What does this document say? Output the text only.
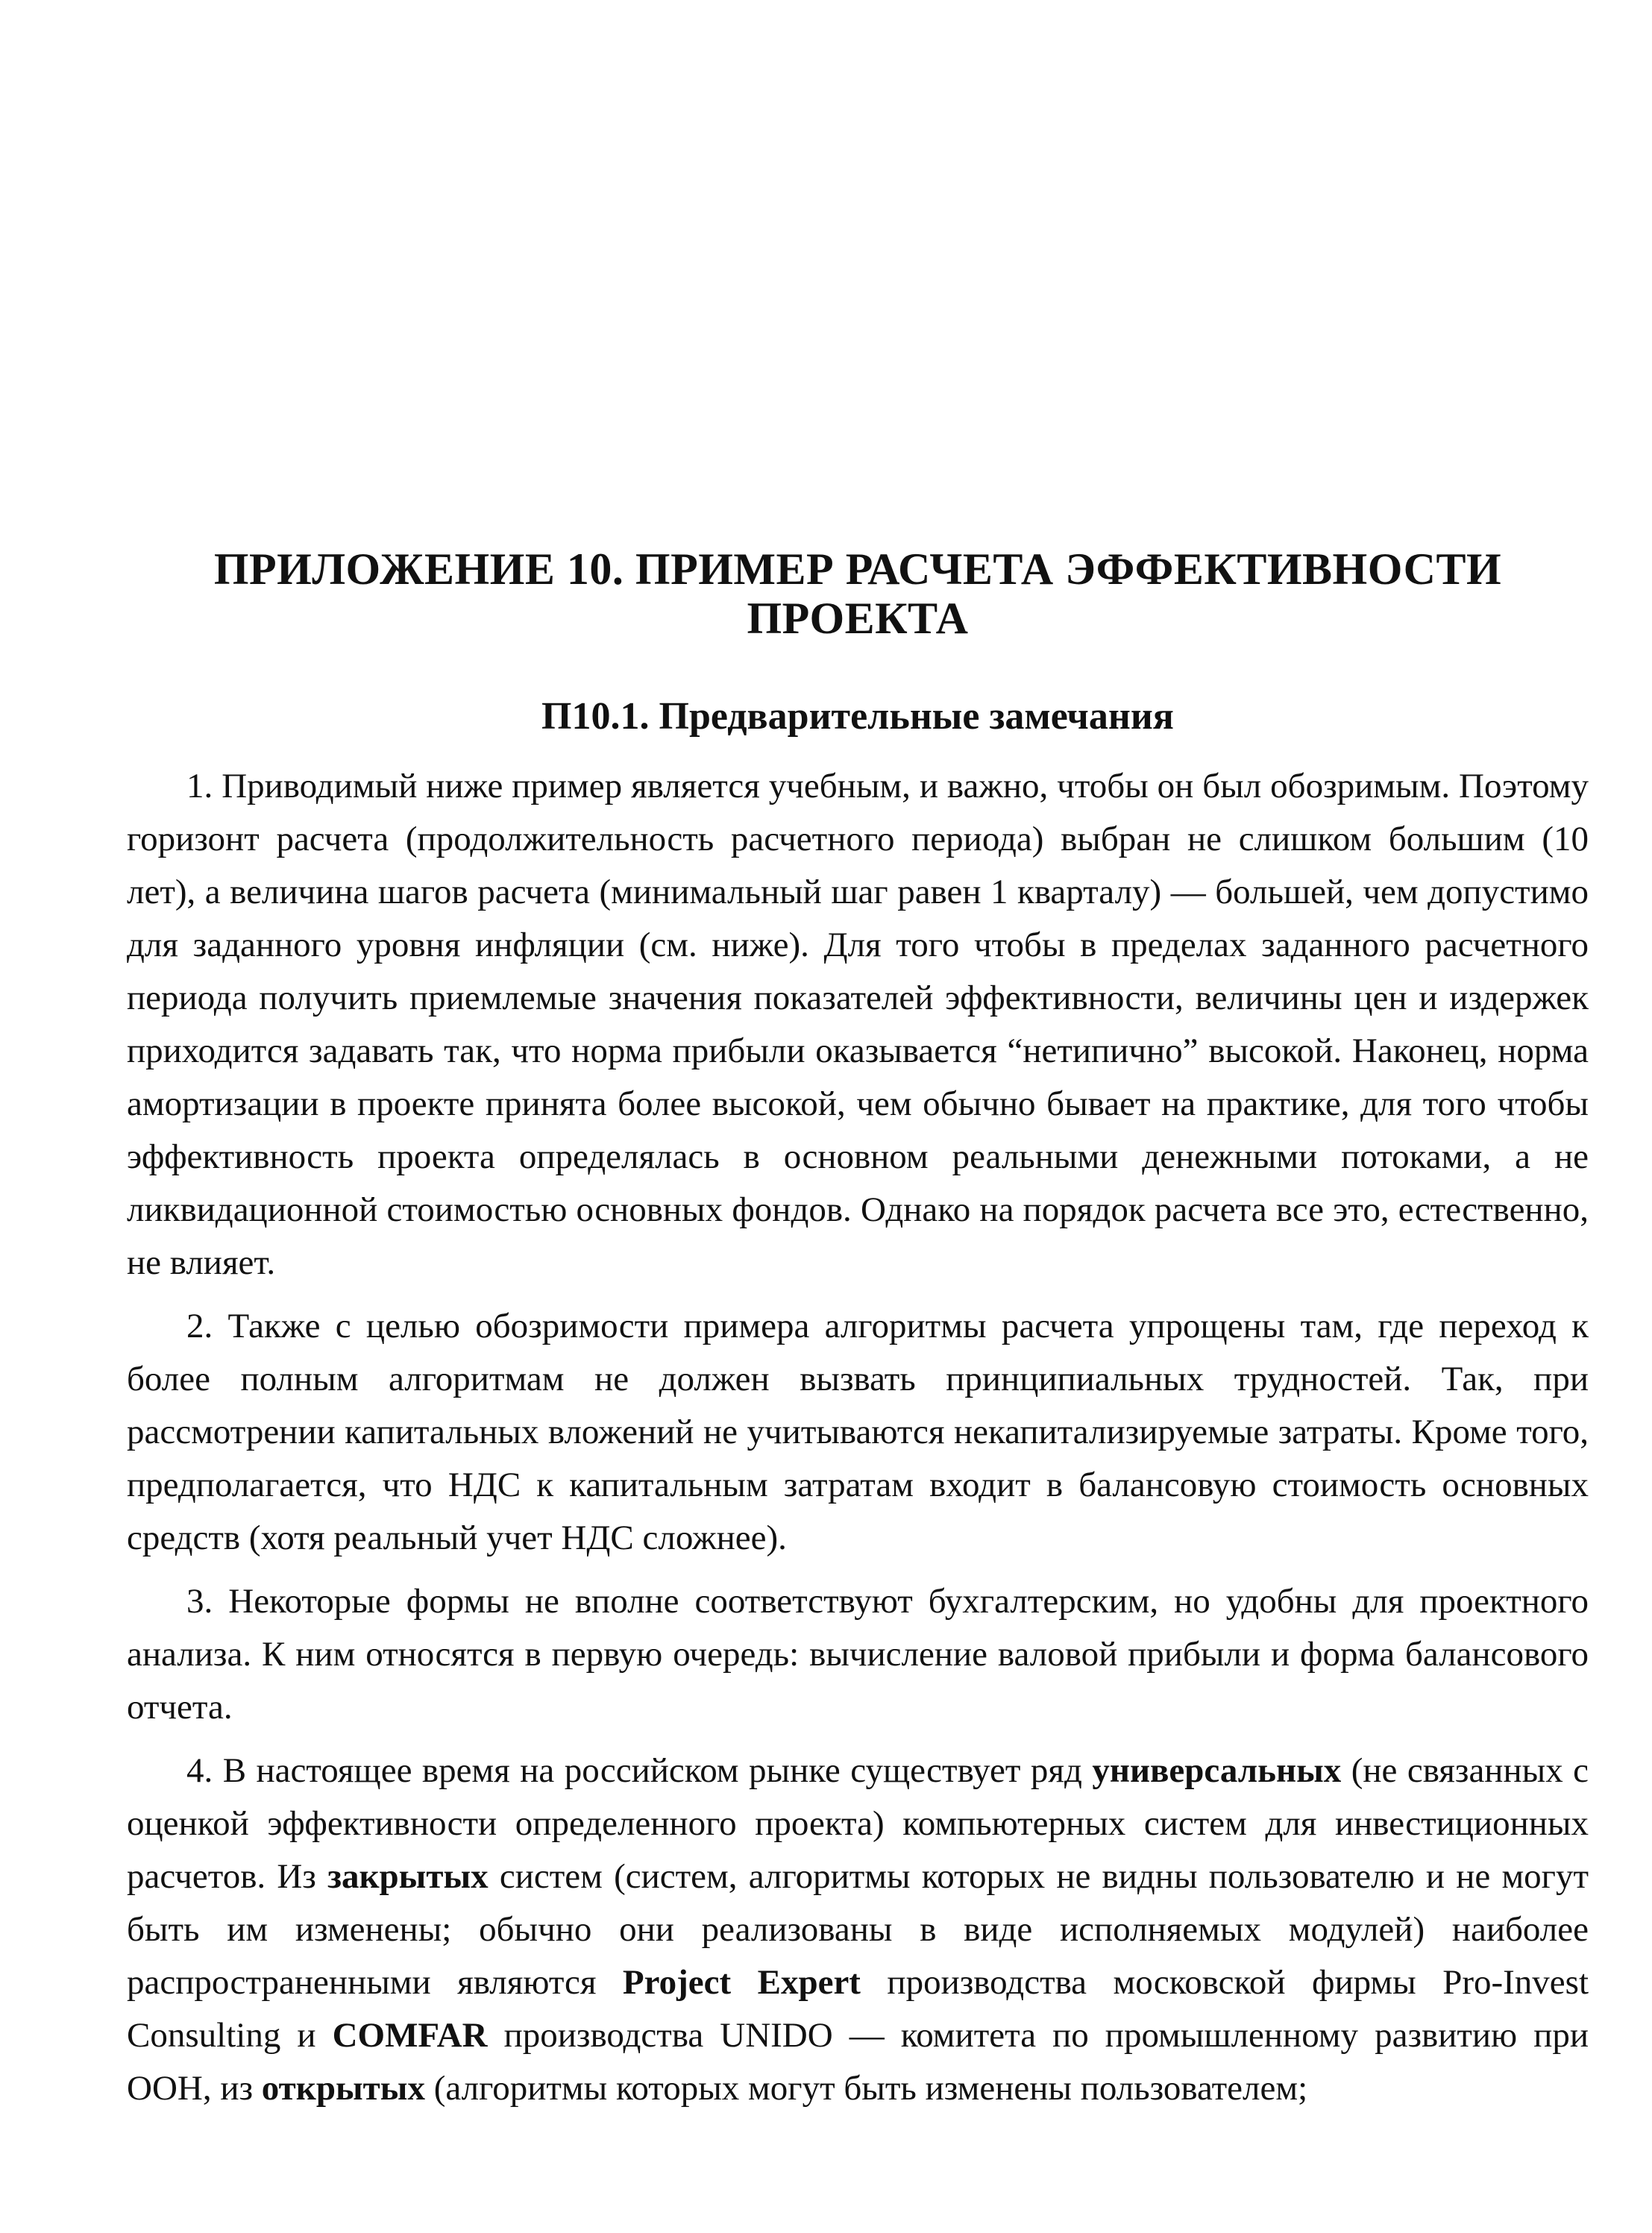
ПРИЛОЖЕНИЕ 10. ПРИМЕР РАСЧЕТА ЭФФЕКТИВНОСТИ ПРОЕКТА
П10.1. Предварительные замечания

1. Приводимый ниже пример является учебным, и важно, чтобы он был обозримым. Поэтому горизонт расчета (продолжительность расчетного периода) выбран не слишком большим (10 лет), а величина шагов расчета (минимальный шаг равен 1 кварталу) — большей, чем допустимо для заданного уровня инфляции (см. ниже). Для того чтобы в пределах заданного расчетного периода получить приемлемые значения показателей эффективности, величины цен и издержек приходится задавать так, что норма прибыли оказывается “нетипично” высокой. Наконец, норма амортизации в проекте принята более высокой, чем обычно бывает на практике, для того чтобы эффективность проекта определялась в основном реальными денежными потоками, а не ликвидационной стоимостью основных фондов. Однако на порядок расчета все это, естественно, не влияет.

2. Также с целью обозримости примера алгоритмы расчета упрощены там, где переход к более полным алгоритмам не должен вызвать принципиальных трудностей. Так, при рассмотрении капитальных вложений не учитываются некапитализируемые затраты. Кроме того, предполагается, что НДС к капитальным затратам входит в балансовую стоимость основных средств (хотя реальный учет НДС сложнее).

3. Некоторые формы не вполне соответствуют бухгалтерским, но удобны для проектного анализа. К ним относятся в первую очередь: вычисление валовой прибыли и форма балансового отчета.

4. В настоящее время на российском рынке существует ряд универсальных (не связанных с оценкой эффективности определенного проекта) компьютерных систем для инвестиционных расчетов. Из закрытых систем (систем, алгоритмы которых не видны пользователю и не могут быть им изменены; обычно они реализованы в виде исполняемых модулей) наиболее распространенными являются Project Expert производства московской фирмы Pro-Invest Consulting и COMFAR производства UNIDO — комитета по промышленному развитию при ООН, из открытых (алгоритмы которых могут быть изменены пользователем;
